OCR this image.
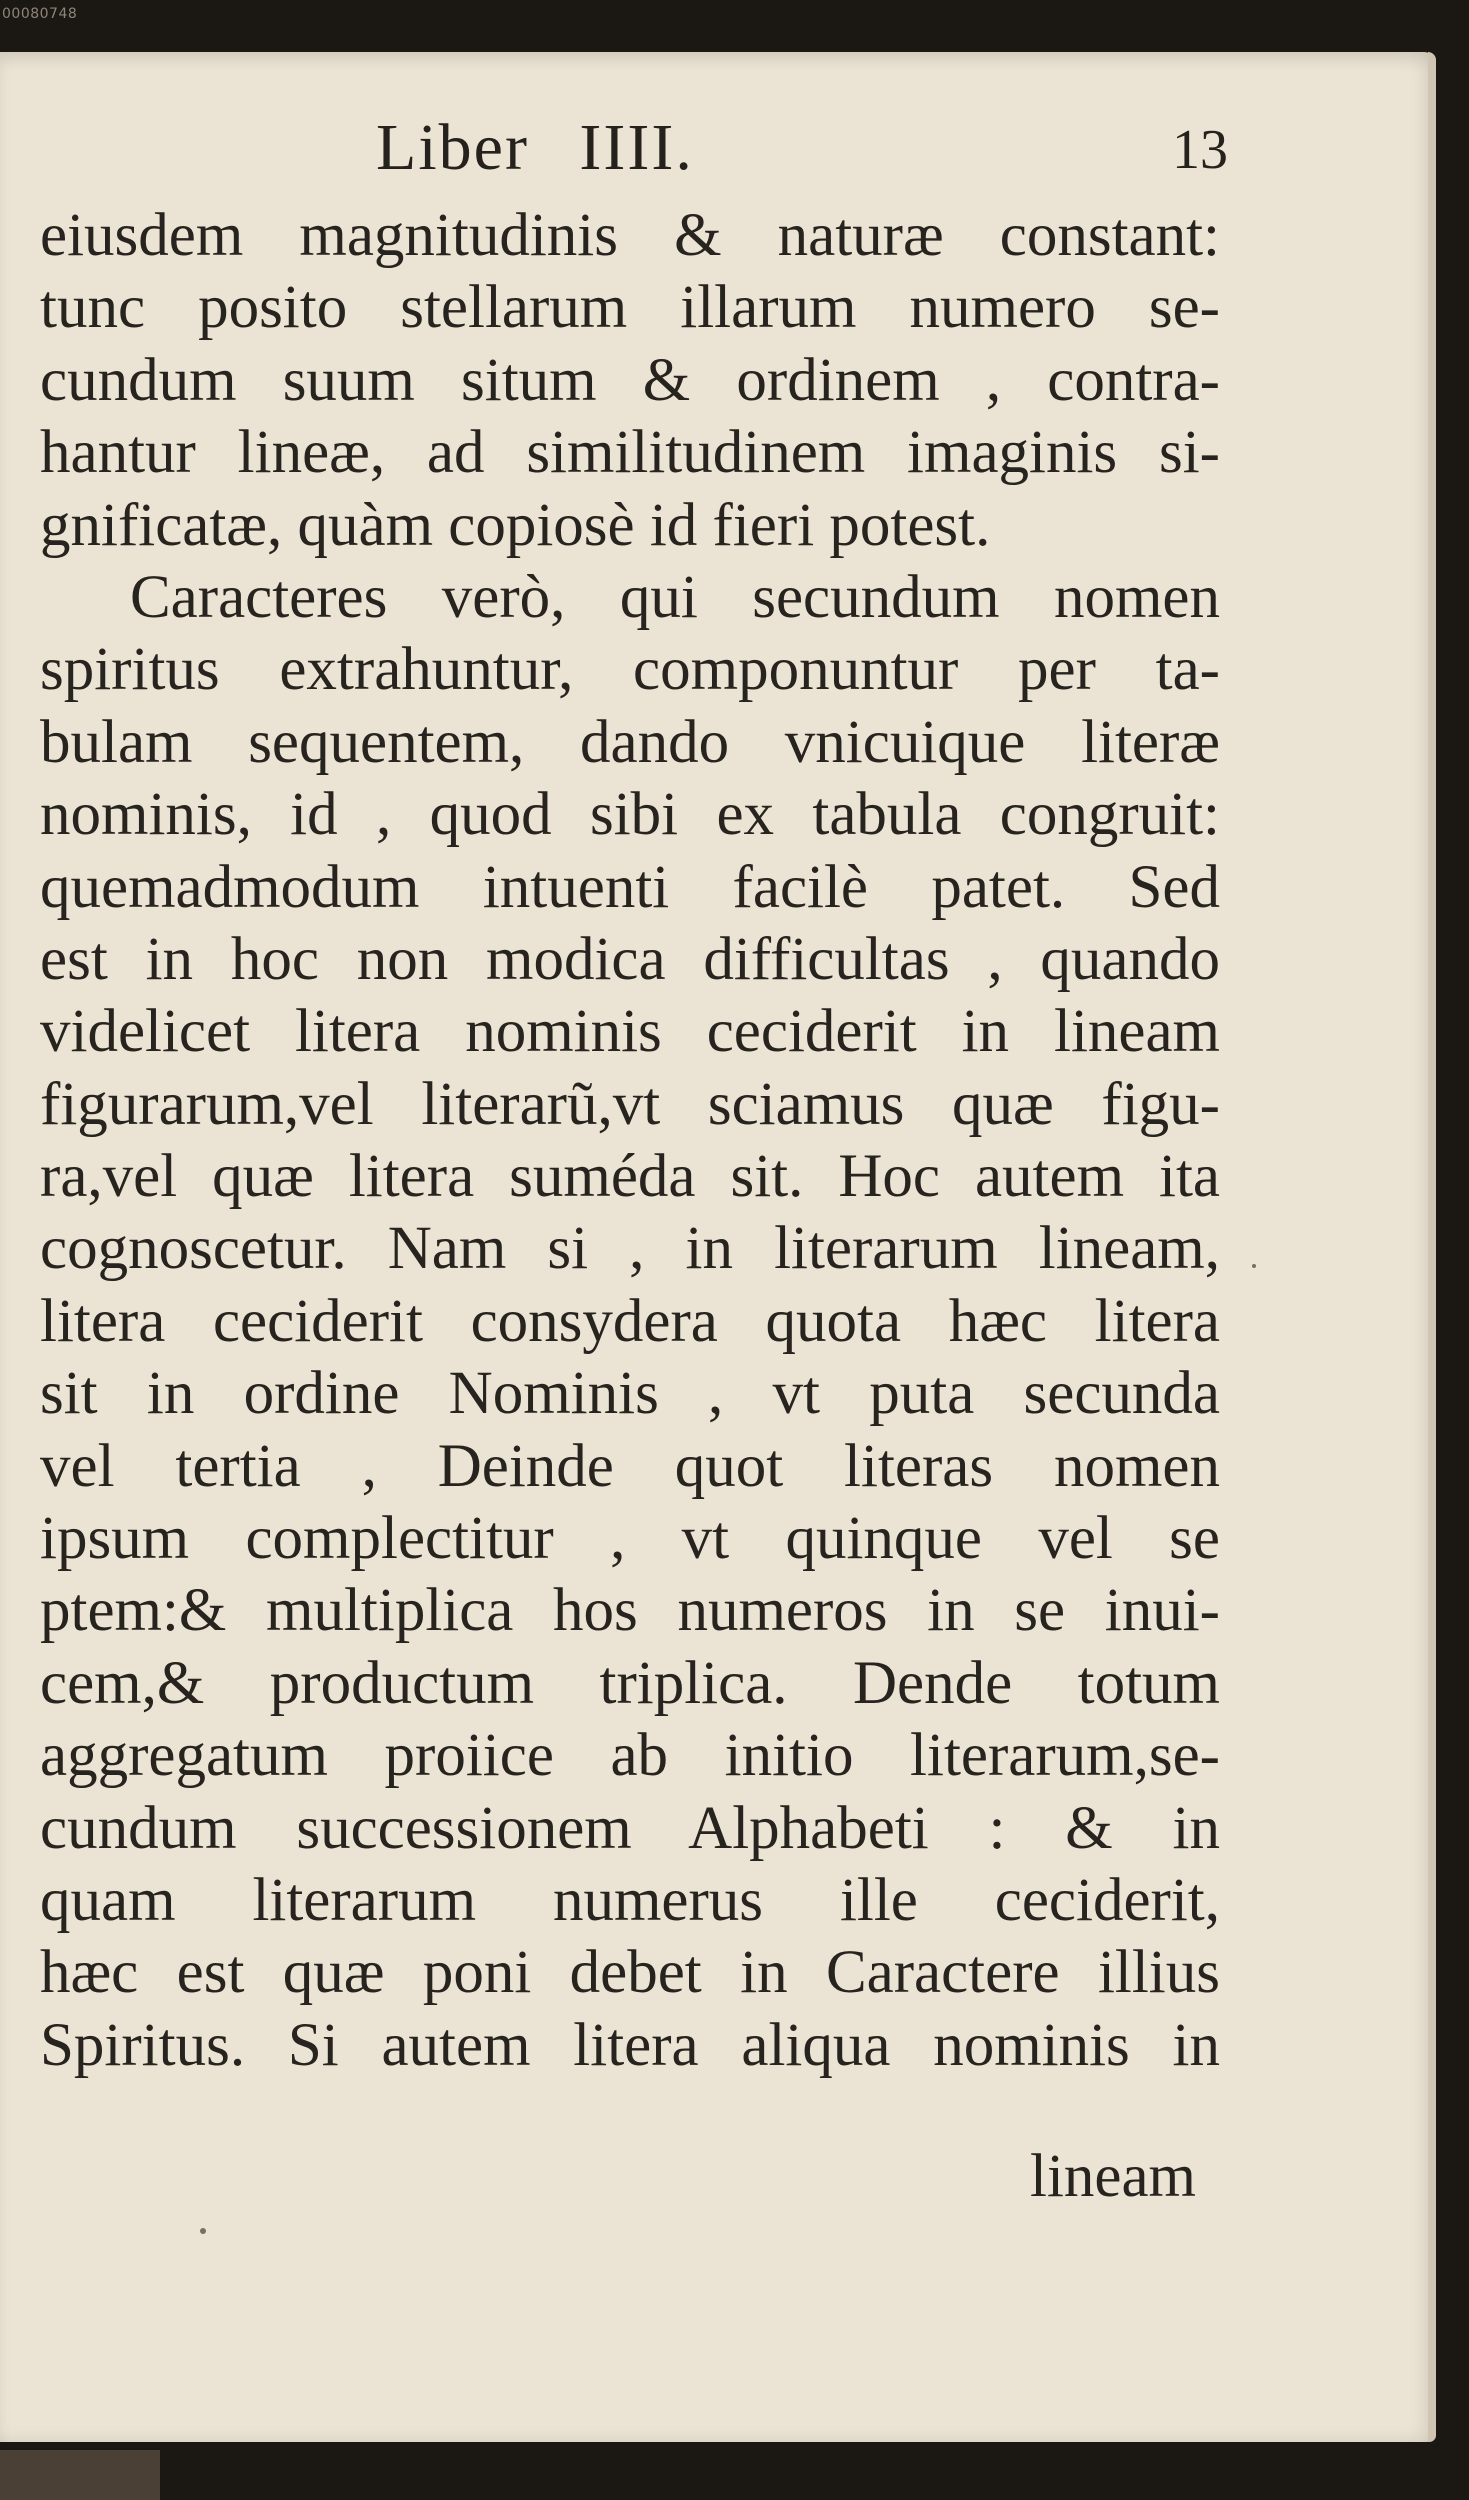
00080748
Liber IIII.	13
eiusdem magnitudinis & naturæ constant:
tunc posito stellarum illarum numero se-
cundum suum situm & ordinem , contra-
hantur lineæ, ad similitudinem imaginis si-
gnificatæ, quàm copiosè id fieri potest.
Caracteres verò, qui secundum nomen
spiritus extrahuntur, componuntur per ta-
bulam sequentem, dando vnicuique literæ
nominis, id , quod sibi ex tabula congruit:
quemadmodum intuenti facilè patet. Sed
est in hoc non modica difficultas , quando
videlicet litera nominis ceciderit in lineam
figurarum,vel literarũ,vt sciamus quæ figu-
ra,vel quæ litera suméda sit. Hoc autem ita
cognoscetur. Nam si , in literarum lineam,
litera ceciderit consydera quota hæc litera
sit in ordine Nominis , vt puta secunda
vel tertia , Deinde quot literas nomen
ipsum complectitur , vt quinque vel se
ptem:& multiplica hos numeros in se inui-
cem,& productum triplica. Dende totum
aggregatum proiice ab initio literarum,se-
cundum successionem Alphabeti : & in
quam literarum numerus ille ceciderit,
hæc est quæ poni debet in Caractere illius
Spiritus. Si autem litera aliqua nominis in
lineam
